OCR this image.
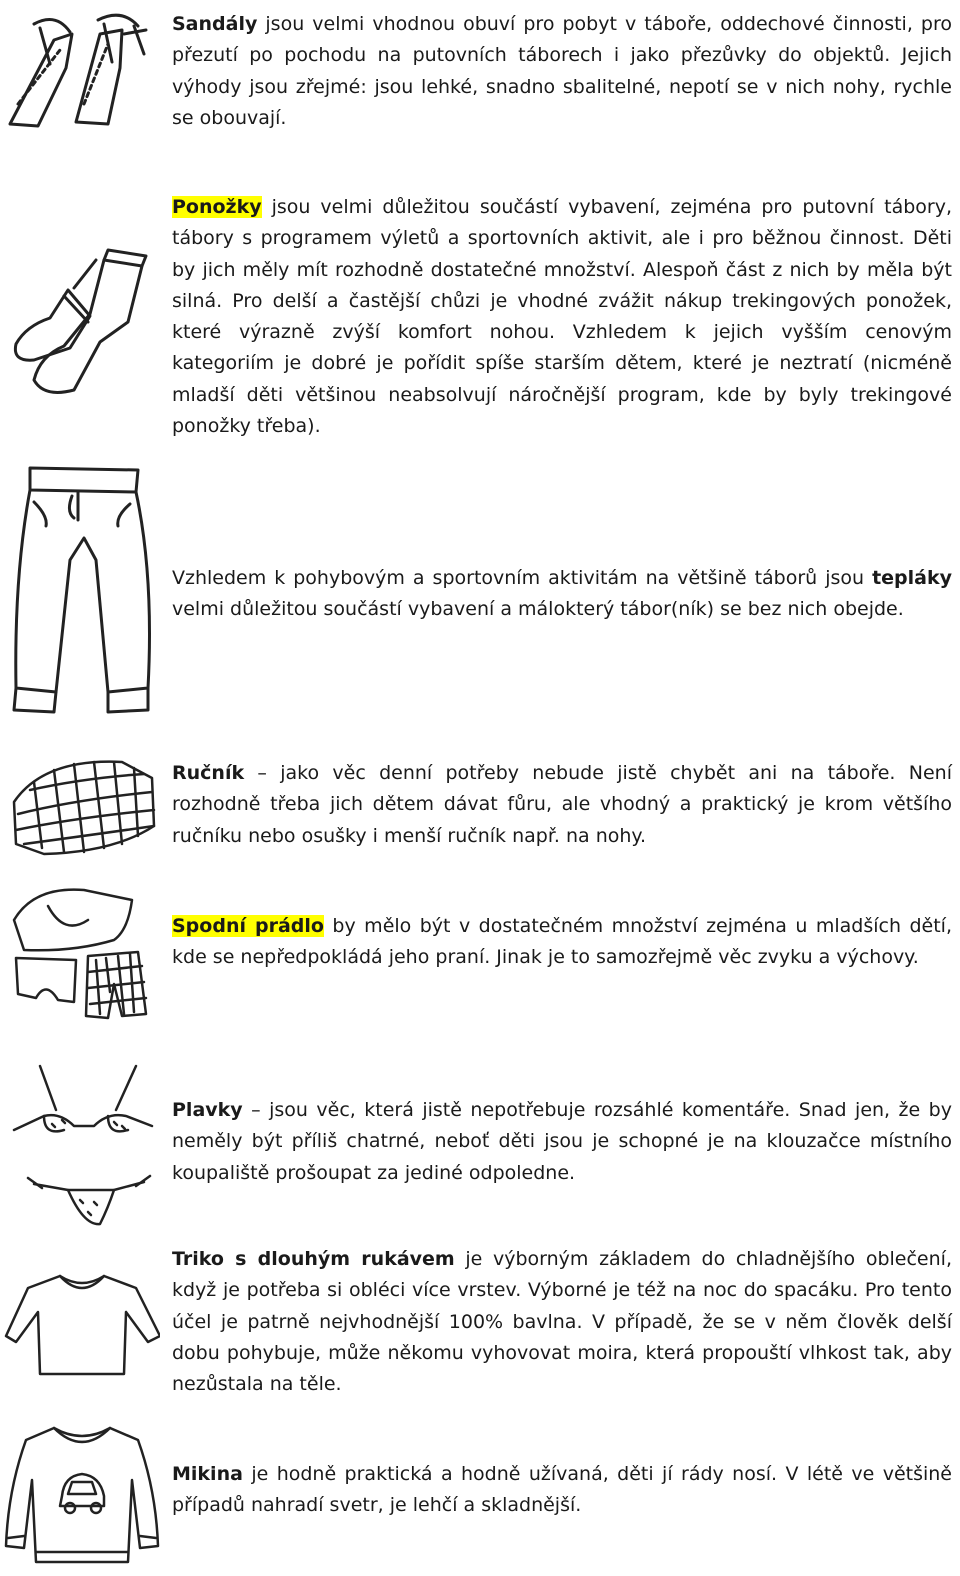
Sandály jsou velmi vhodnou obuví pro pobyt v táboře, oddechové činnosti, pro přezutí po pochodu na putovních táborech i jako přezůvky do objektů. Jejich výhody jsou zřejmé: jsou lehké, snadno sbalitelné, nepotí se v nich nohy, rychle se obouvají.
Ponožky jsou velmi důležitou součástí vybavení, zejména pro putovní tábory, tábory s programem výletů a sportovních aktivit, ale i pro běžnou činnost. Děti by jich měly mít rozhodně dostatečné množství. Alespoň část z nich by měla být silná. Pro delší a častější chůzi je vhodné zvážit nákup trekingových ponožek, které výrazně zvýší komfort nohou. Vzhledem k jejich vyšším cenovým kategoriím je dobré je pořídit spíše starším dětem, které je neztratí (nicméně mladší děti většinou neabsolvují náročnější program, kde by byly trekingové ponožky třeba).
Vzhledem k pohybovým a sportovním aktivitám na většině táborů jsou tepláky velmi důležitou součástí vybavení a málokterý tábor(ník) se bez nich obejde.
Ručník – jako věc denní potřeby nebude jistě chybět ani na táboře. Není rozhodně třeba jich dětem dávat fůru, ale vhodný a praktický je krom většího ručníku nebo osušky i menší ručník např. na nohy.
Spodní prádlo by mělo být v dostatečném množství zejména u mladších dětí, kde se nepředpokládá jeho praní. Jinak je to samozřejmě věc zvyku a výchovy.
Plavky – jsou věc, která jistě nepotřebuje rozsáhlé komentáře. Snad jen, že by neměly být příliš chatrné, neboť děti jsou je schopné je na klouzačce místního koupaliště prošoupat za jediné odpoledne.
Triko s dlouhým rukávem je výborným základem do chladnějšího oblečení, když je potřeba si obléci více vrstev. Výborné je též na noc do spacáku. Pro tento účel je patrně nejvhodnější 100% bavlna. V případě, že se v něm člověk delší dobu pohybuje, může někomu vyhovovat moira, která propouští vlhkost tak, aby nezůstala na těle.
Mikina je hodně praktická a hodně užívaná, děti jí rády nosí. V létě ve většině případů nahradí svetr, je lehčí a skladnější.
